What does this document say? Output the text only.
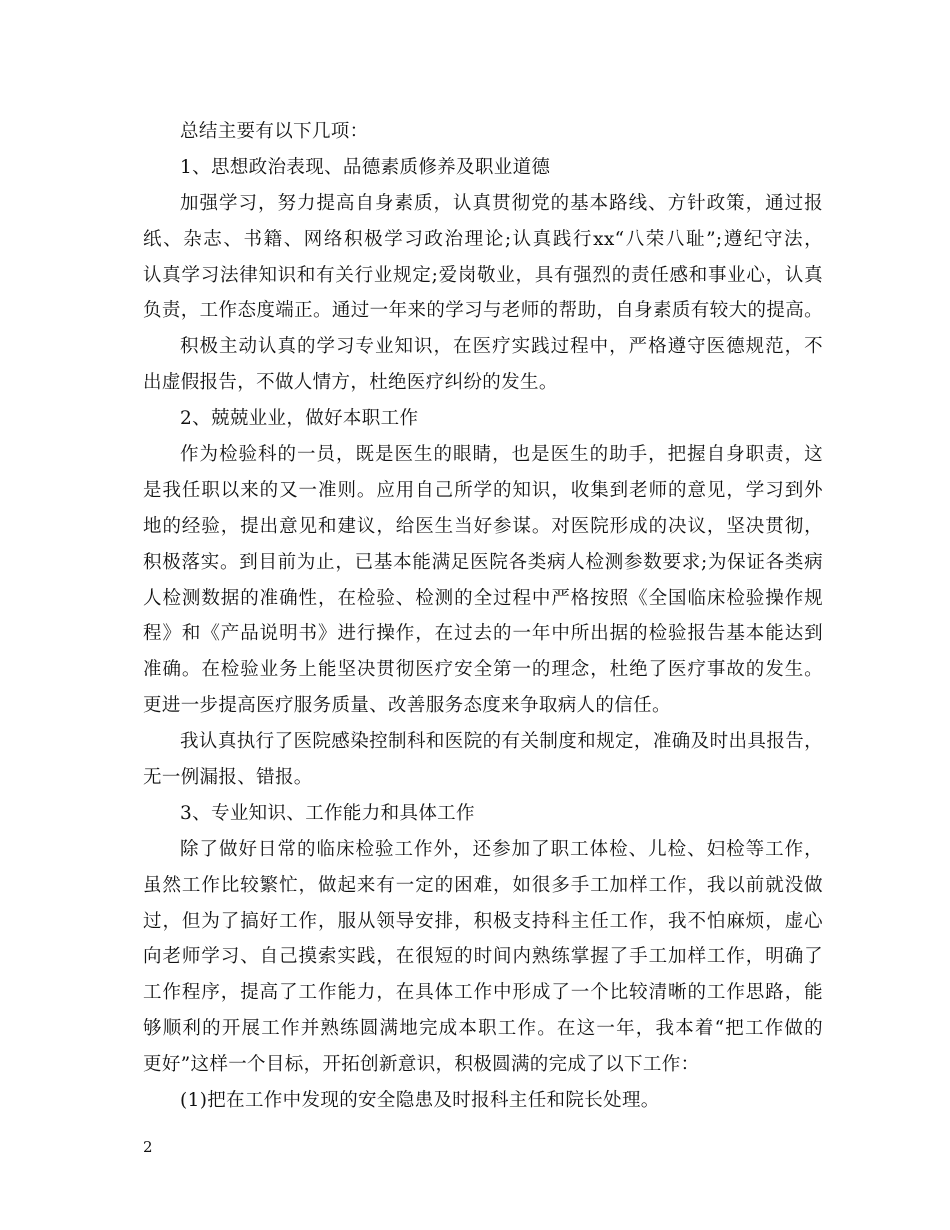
总结主要有以下几项：
1、思想政治表现、品德素质修养及职业道德
加强学习，努力提高自身素质，认真贯彻党的基本路线、方针政策，通过报
纸、杂志、书籍、网络积极学习政治理论;认真践行xx“八荣八耻”;遵纪守法，
认真学习法律知识和有关行业规定;爱岗敬业，具有强烈的责任感和事业心，认真
负责，工作态度端正。通过一年来的学习与老师的帮助，自身素质有较大的提高。
积极主动认真的学习专业知识，在医疗实践过程中，严格遵守医德规范，不
出虚假报告，不做人情方，杜绝医疗纠纷的发生。
2、兢兢业业，做好本职工作
作为检验科的一员，既是医生的眼睛，也是医生的助手，把握自身职责，这
是我任职以来的又一准则。应用自己所学的知识，收集到老师的意见，学习到外
地的经验，提出意见和建议，给医生当好参谋。对医院形成的决议，坚决贯彻，
积极落实。到目前为止，已基本能满足医院各类病人检测参数要求;为保证各类病
人检测数据的准确性，在检验、检测的全过程中严格按照《全国临床检验操作规
程》和《产品说明书》进行操作，在过去的一年中所出据的检验报告基本能达到
准确。在检验业务上能坚决贯彻医疗安全第一的理念，杜绝了医疗事故的发生。
更进一步提高医疗服务质量、改善服务态度来争取病人的信任。
我认真执行了医院感染控制科和医院的有关制度和规定，准确及时出具报告，
无一例漏报、错报。
3、专业知识、工作能力和具体工作
除了做好日常的临床检验工作外，还参加了职工体检、儿检、妇检等工作，
虽然工作比较繁忙，做起来有一定的困难，如很多手工加样工作，我以前就没做
过，但为了搞好工作，服从领导安排，积极支持科主任工作，我不怕麻烦，虚心
向老师学习、自己摸索实践，在很短的时间内熟练掌握了手工加样工作，明确了
工作程序，提高了工作能力，在具体工作中形成了一个比较清晰的工作思路，能
够顺利的开展工作并熟练圆满地完成本职工作。在这一年，我本着“把工作做的
更好”这样一个目标，开拓创新意识，积极圆满的完成了以下工作：
(1)把在工作中发现的安全隐患及时报科主任和院长处理。
2
